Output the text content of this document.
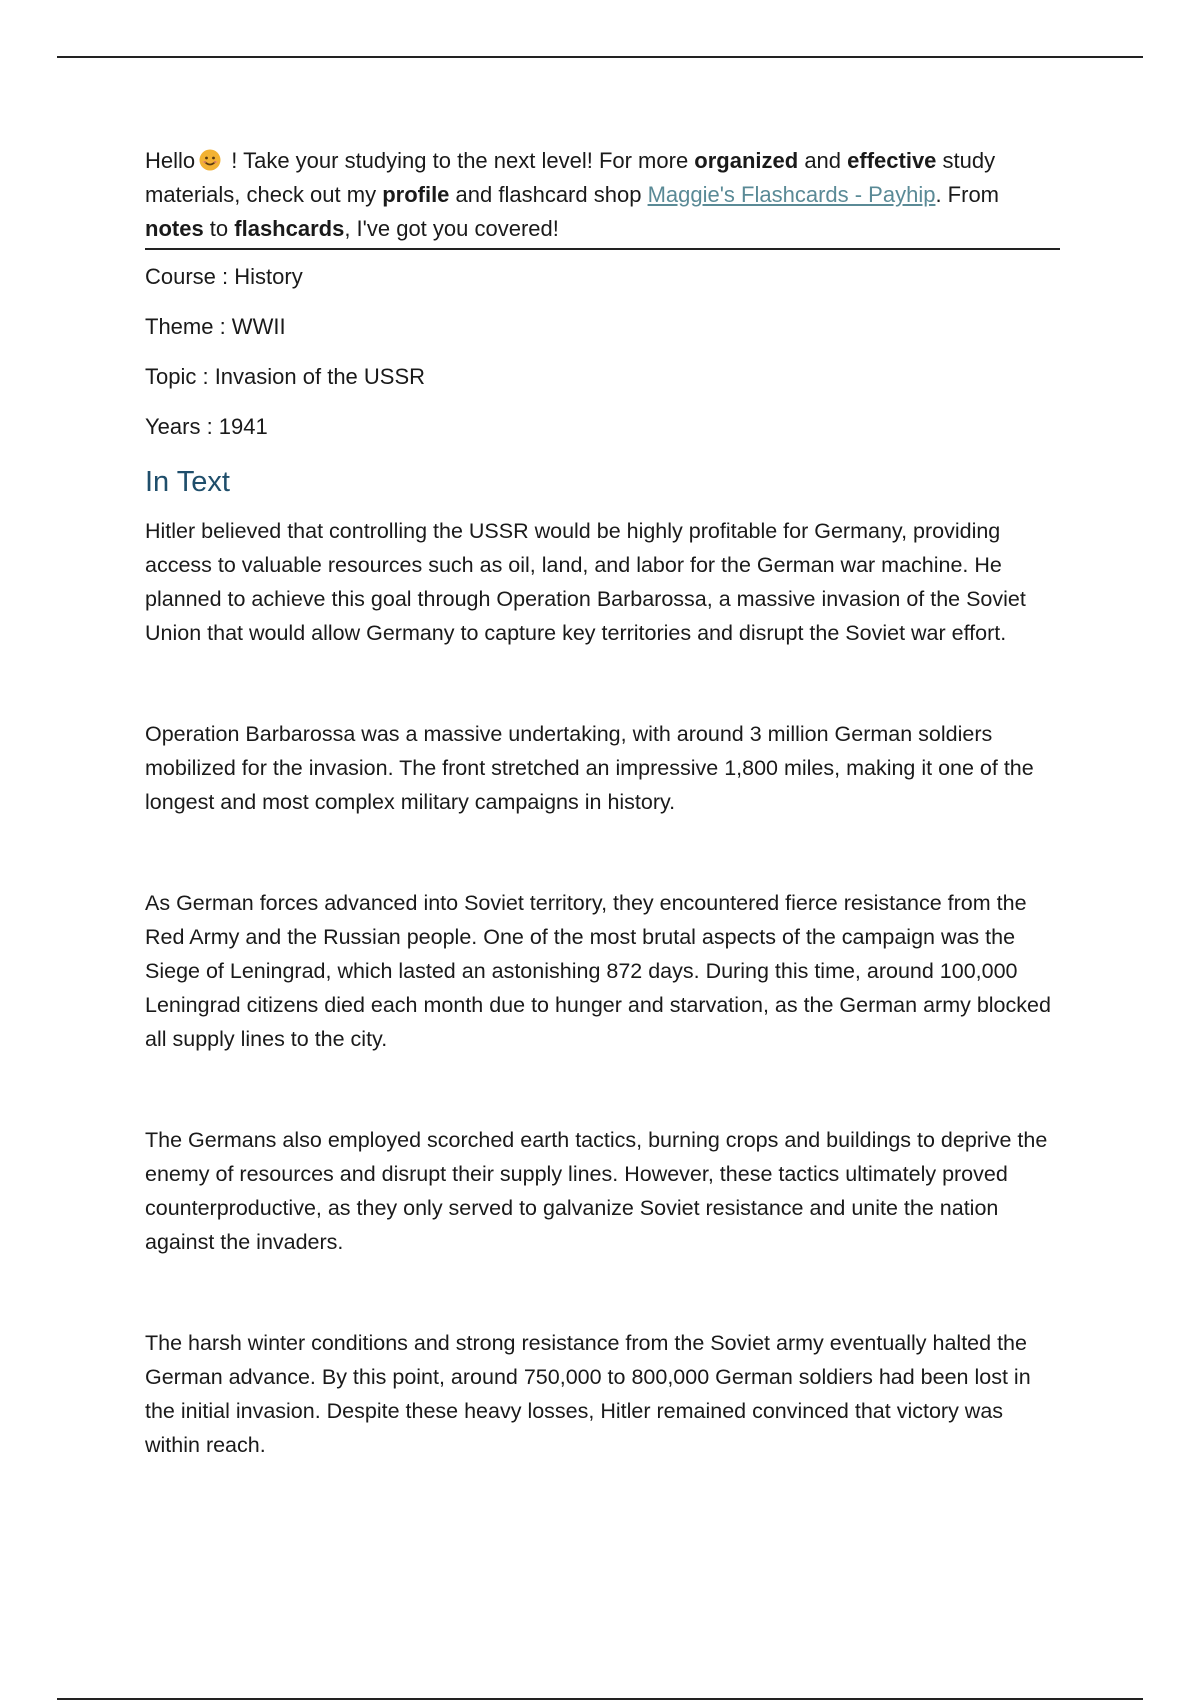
Hello ! Take your studying to the next level! For more organized and effective study materials, check out my profile and flashcard shop Maggie's Flashcards - Payhip. From notes to flashcards, I've got you covered!

Course : History

Theme : WWII

Topic : Invasion of the USSR

Years : 1941

In Text

Hitler believed that controlling the USSR would be highly profitable for Germany, providing access to valuable resources such as oil, land, and labor for the German war machine. He planned to achieve this goal through Operation Barbarossa, a massive invasion of the Soviet Union that would allow Germany to capture key territories and disrupt the Soviet war effort.

Operation Barbarossa was a massive undertaking, with around 3 million German soldiers mobilized for the invasion. The front stretched an impressive 1,800 miles, making it one of the longest and most complex military campaigns in history.

As German forces advanced into Soviet territory, they encountered fierce resistance from the Red Army and the Russian people. One of the most brutal aspects of the campaign was the Siege of Leningrad, which lasted an astonishing 872 days. During this time, around 100,000 Leningrad citizens died each month due to hunger and starvation, as the German army blocked all supply lines to the city.

The Germans also employed scorched earth tactics, burning crops and buildings to deprive the enemy of resources and disrupt their supply lines. However, these tactics ultimately proved counterproductive, as they only served to galvanize Soviet resistance and unite the nation against the invaders.

The harsh winter conditions and strong resistance from the Soviet army eventually halted the German advance. By this point, around 750,000 to 800,000 German soldiers had been lost in the initial invasion. Despite these heavy losses, Hitler remained convinced that victory was within reach.
